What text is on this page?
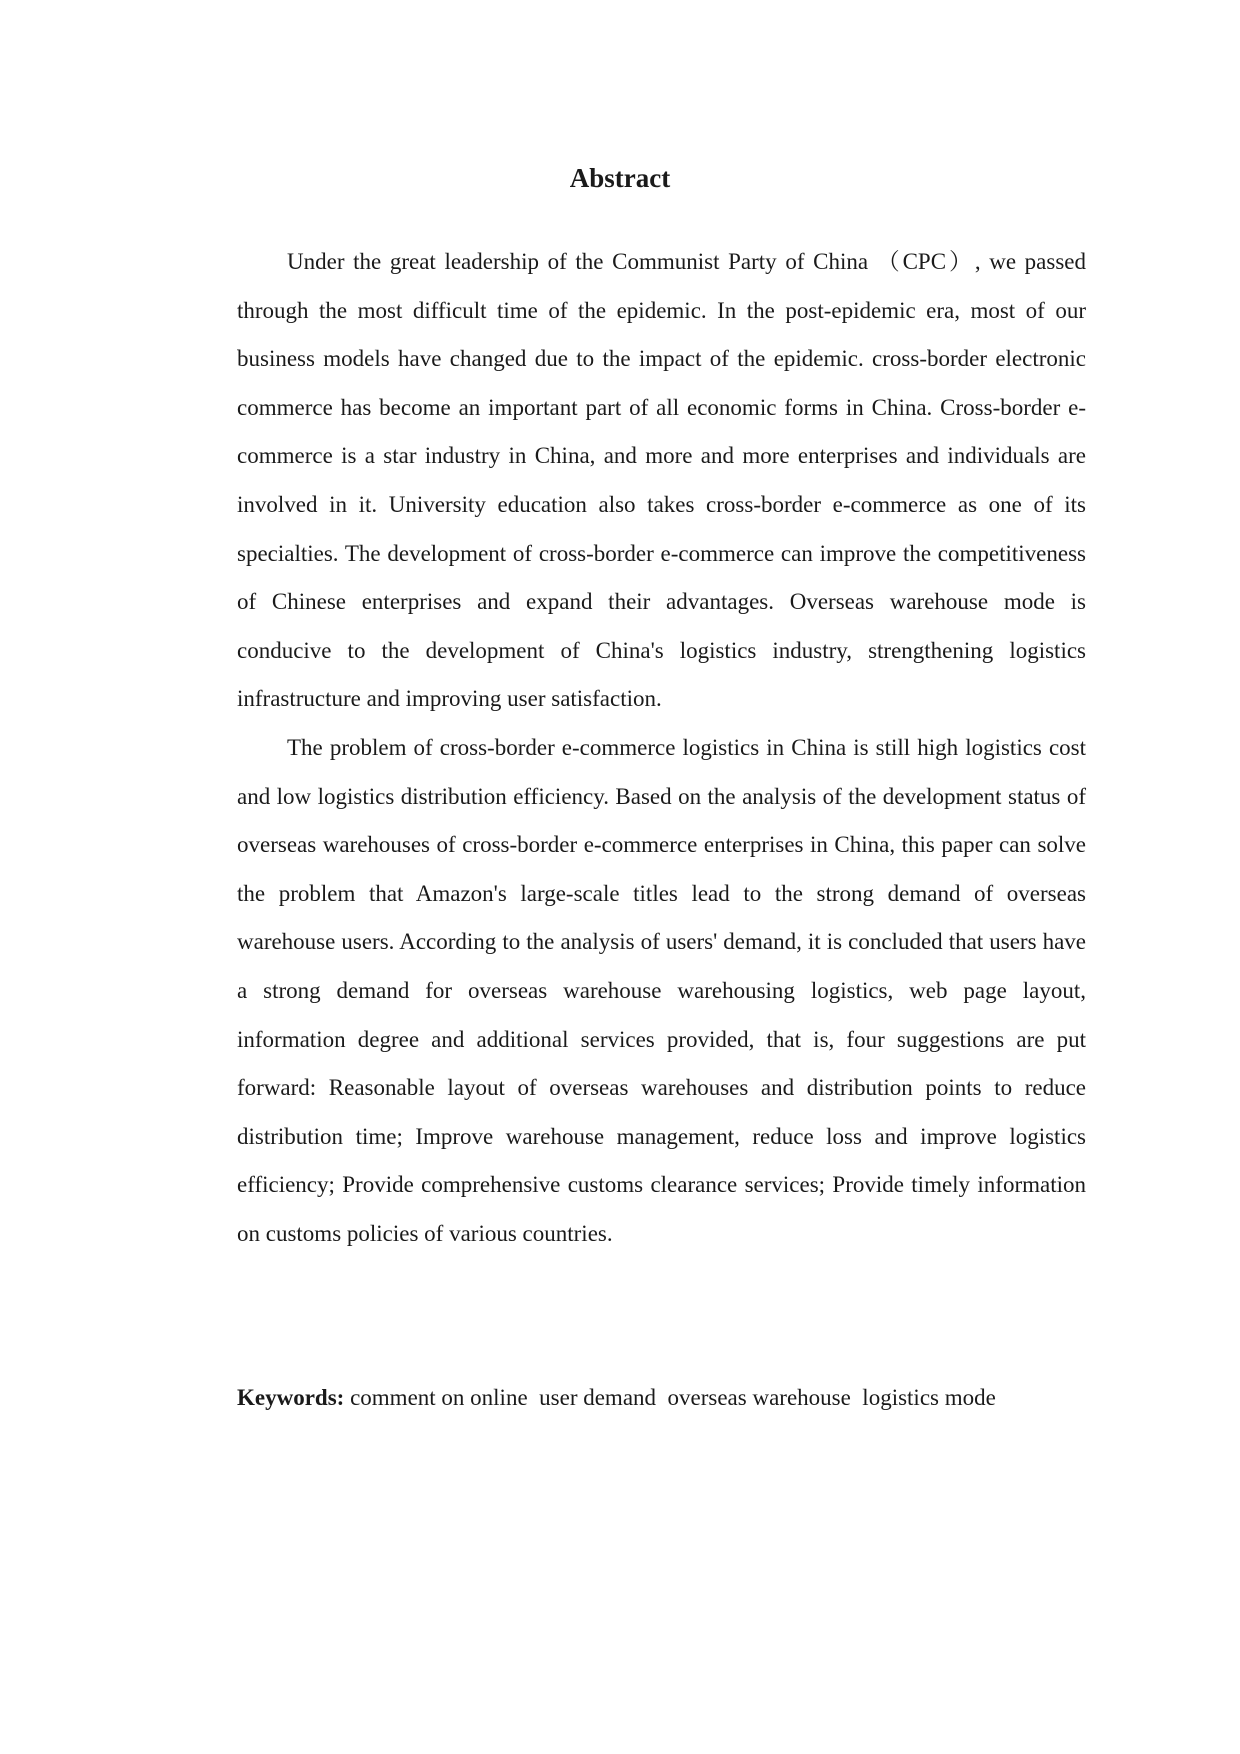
Abstract

Under the great leadership of the Communist Party of China （CPC）, we passed through the most difficult time of the epidemic. In the post-epidemic era, most of our business models have changed due to the impact of the epidemic. cross-border electronic commerce has become an important part of all economic forms in China. Cross-border e-commerce is a star industry in China, and more and more enterprises and individuals are involved in it. University education also takes cross-border e-commerce as one of its specialties. The development of cross-border e-commerce can improve the competitiveness of Chinese enterprises and expand their advantages. Overseas warehouse mode is conducive to the development of China's logistics industry, strengthening logistics infrastructure and improving user satisfaction.

The problem of cross-border e-commerce logistics in China is still high logistics cost and low logistics distribution efficiency. Based on the analysis of the development status of overseas warehouses of cross-border e-commerce enterprises in China, this paper can solve the problem that Amazon's large-scale titles lead to the strong demand of overseas warehouse users. According to the analysis of users' demand, it is concluded that users have a strong demand for overseas warehouse warehousing logistics, web page layout, information degree and additional services provided, that is, four suggestions are put forward: Reasonable layout of overseas warehouses and distribution points to reduce distribution time; Improve warehouse management, reduce loss and improve logistics efficiency; Provide comprehensive customs clearance services; Provide timely information on customs policies of various countries.

Keywords: comment on online  user demand  overseas warehouse  logistics mode
